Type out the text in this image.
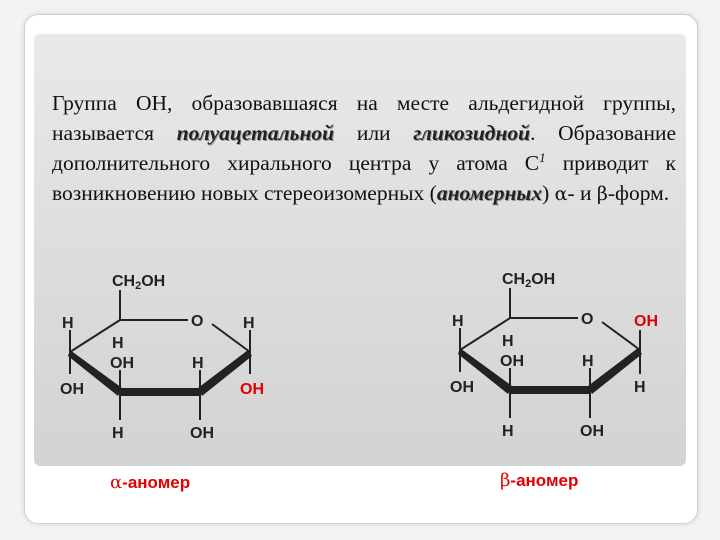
Группа ОН, образовавшаяся на месте альдегидной группы, называется полуацетальной или гликозидной. Образование дополнительного хирального центра у атома $С^1$ приводит к возникновению новых стереоизомерных (аномерных) α- и β-форм.
CH2OH
O
H	H
H
OH	H
OH	OH
H	OH
CH2OH
O
H	OH
H
OH	H
OH	H
H	OH
α-аномер	β-аномер
